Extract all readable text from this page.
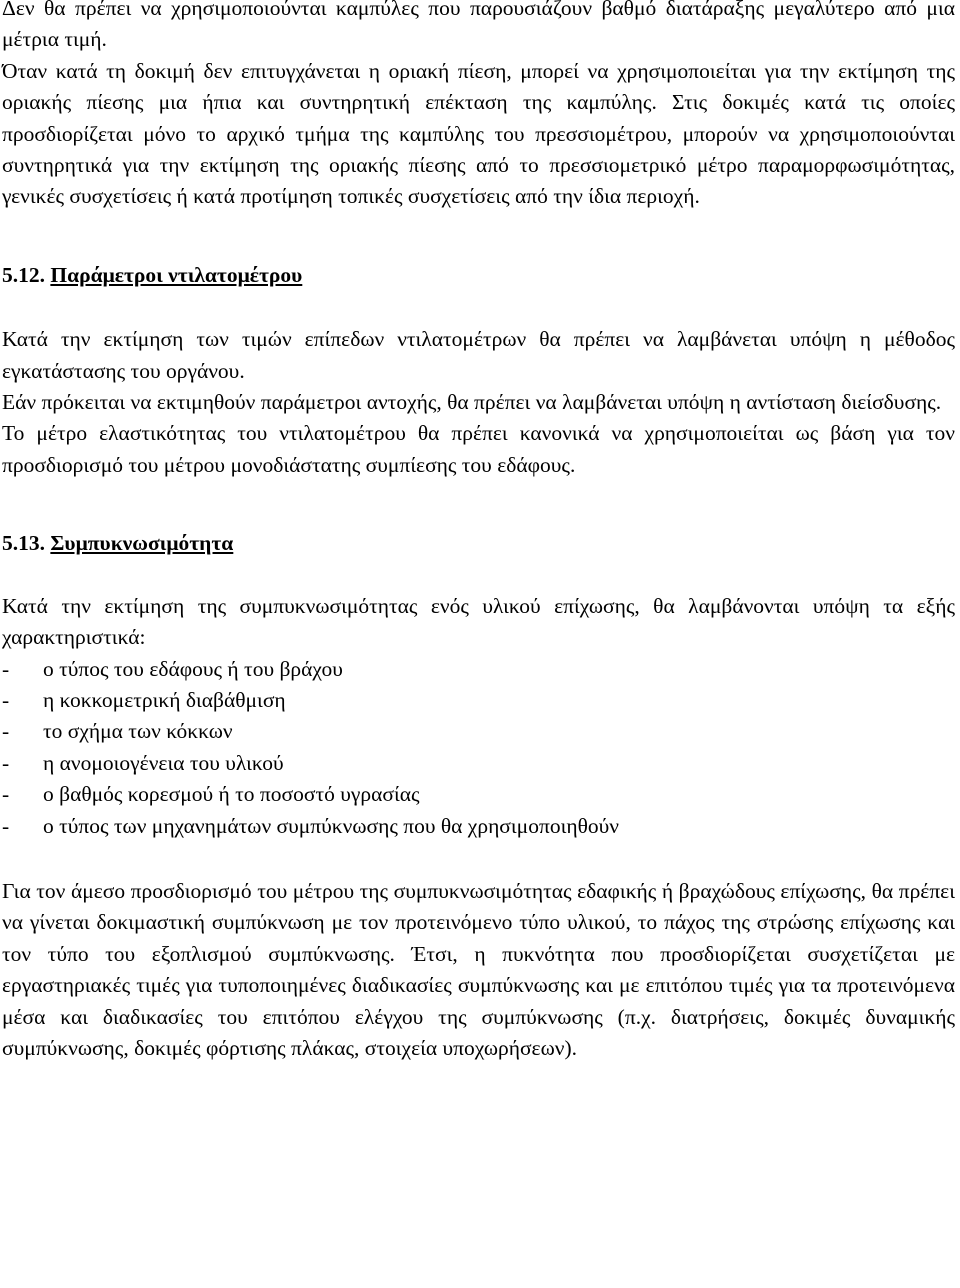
Δεν θα πρέπει να χρησιμοποιούνται καμπύλες που παρουσιάζουν βαθμό διατάραξης μεγαλύτερο από μια μέτρια τιμή.

Όταν κατά τη δοκιμή δεν επιτυγχάνεται η οριακή πίεση, μπορεί να χρησιμοποιείται για την εκτίμηση της οριακής πίεσης μια ήπια και συντηρητική επέκταση της καμπύλης. Στις δοκιμές κατά τις οποίες προσδιορίζεται μόνο το αρχικό τμήμα της καμπύλης του πρεσσιομέτρου, μπορούν να χρησιμοποιούνται συντηρητικά για την εκτίμηση της οριακής πίεσης από το πρεσσιομετρικό μέτρο παραμορφωσιμότητας, γενικές συσχετίσεις ή κατά προτίμηση τοπικές συσχετίσεις από την ίδια περιοχή.

5.12. Παράμετροι ντιλατομέτρου

Κατά την εκτίμηση των τιμών επίπεδων ντιλατομέτρων θα πρέπει να λαμβάνεται υπόψη η μέθοδος εγκατάστασης του οργάνου.

Εάν πρόκειται να εκτιμηθούν παράμετροι αντοχής, θα πρέπει να λαμβάνεται υπόψη η αντίσταση διείσδυσης.

Το μέτρο ελαστικότητας του ντιλατομέτρου θα πρέπει κανονικά να χρησιμοποιείται ως βάση για τον προσδιορισμό του μέτρου μονοδιάστατης συμπίεσης του εδάφους.

5.13. Συμπυκνωσιμότητα

Κατά την εκτίμηση της συμπυκνωσιμότητας ενός υλικού επίχωσης, θα λαμβάνονται υπόψη τα εξής χαρακτηριστικά:

- ο τύπος του εδάφους ή του βράχου
- η κοκκομετρική διαβάθμιση
- το σχήμα των κόκκων
- η ανομοιογένεια του υλικού
- ο βαθμός κορεσμού ή το ποσοστό υγρασίας
- ο τύπος των μηχανημάτων συμπύκνωσης που θα χρησιμοποιηθούν

Για τον άμεσο προσδιορισμό του μέτρου της συμπυκνωσιμότητας εδαφικής ή βραχώδους επίχωσης, θα πρέπει να γίνεται δοκιμαστική συμπύκνωση με τον προτεινόμενο τύπο υλικού, το πάχος της στρώσης επίχωσης και τον τύπο του εξοπλισμού συμπύκνωσης. Έτσι, η πυκνότητα που προσδιορίζεται συσχετίζεται με εργαστηριακές τιμές για τυποποιημένες διαδικασίες συμπύκνωσης και με επιτόπου τιμές για τα προτεινόμενα μέσα και διαδικασίες του επιτόπου ελέγχου της συμπύκνωσης (π.χ. διατρήσεις, δοκιμές δυναμικής συμπύκνωσης, δοκιμές φόρτισης πλάκας, στοιχεία υποχωρήσεων).
